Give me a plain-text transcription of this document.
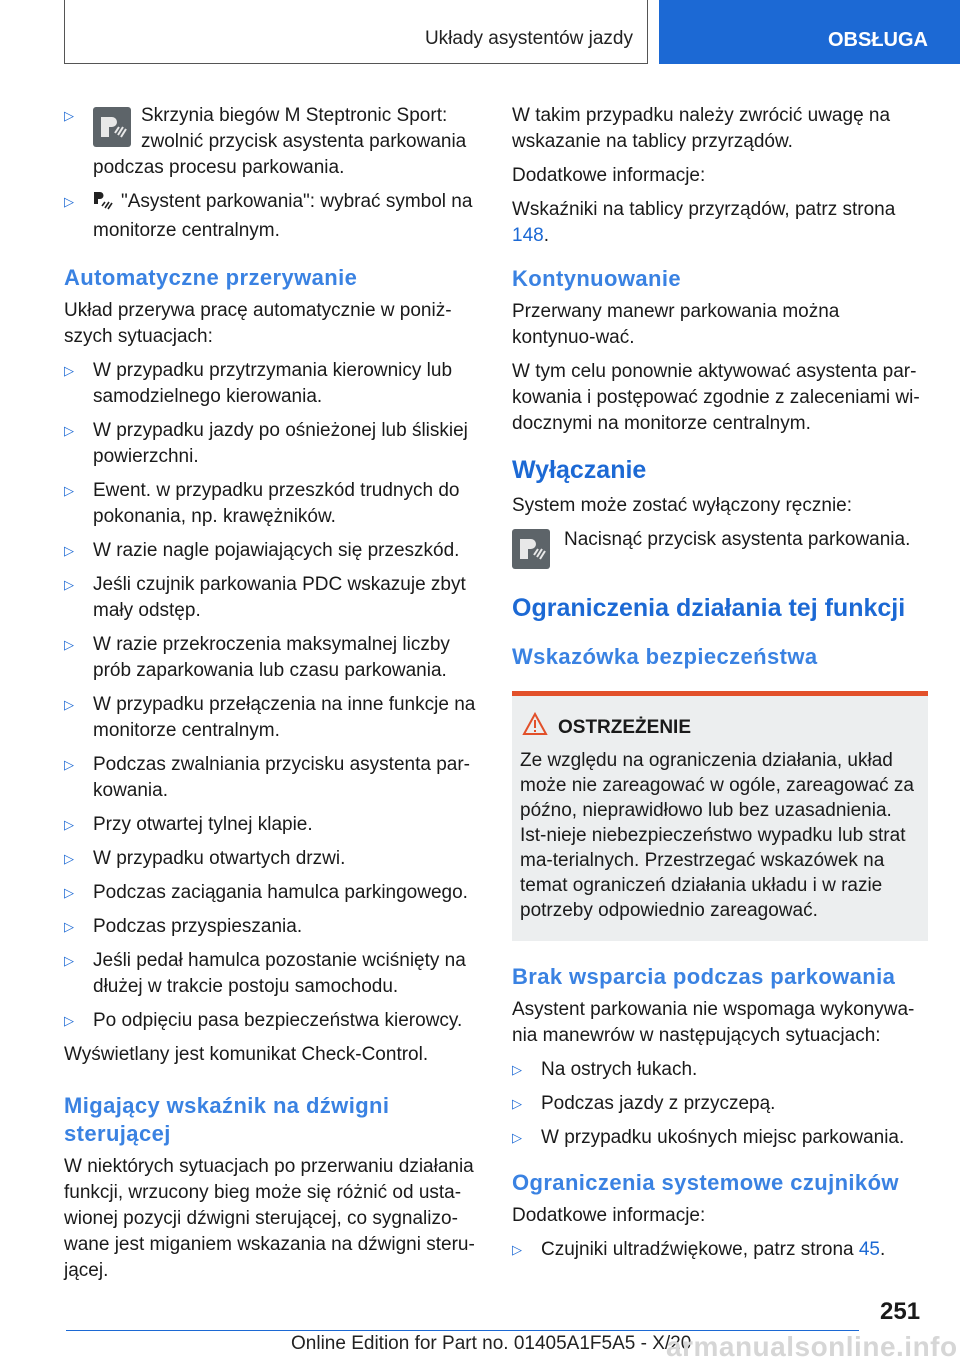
Układy asystentów jazdy	OBSŁUGA
▷	Skrzynia biegów M Steptronic Sport: zwolnić przycisk asystenta parkowania podczas procesu parkowania.
▷ "Asystent parkowania": wybrać symbol na monitorze centralnym.
Automatyczne przerywanie

Układ przerywa pracę automatycznie w poniż-szych sytuacjach:

▷ W przypadku przytrzymania kierownicy lub samodzielnego kierowania.
▷ W przypadku jazdy po ośnieżonej lub śliskiej powierzchni.
▷ Ewent. w przypadku przeszkód trudnych do pokonania, np. krawężników.
▷ W razie nagle pojawiających się przeszkód.
▷ Jeśli czujnik parkowania PDC wskazuje zbyt mały odstęp.
▷ W razie przekroczenia maksymalnej liczby prób zaparkowania lub czasu parkowania.
▷ W przypadku przełączenia na inne funkcje na monitorze centralnym.
▷ Podczas zwalniania przycisku asystenta par-kowania.
▷ Przy otwartej tylnej klapie.
▷ W przypadku otwartych drzwi.
▷ Podczas zaciągania hamulca parkingowego.
▷ Podczas przyspieszania.
▷ Jeśli pedał hamulca pozostanie wciśnięty na dłużej w trakcie postoju samochodu.
▷ Po odpięciu pasa bezpieczeństwa kierowcy.

Wyświetlany jest komunikat Check-Control.

Migający wskaźnik na dźwigni sterującej

W niektórych sytuacjach po przerwaniu działania funkcji, wrzucony bieg może się różnić od usta-wionej pozycji dźwigni sterującej, co sygnalizo-wane jest miganiem wskazania na dźwigni steru-jącej.

W takim przypadku należy zwrócić uwagę na wskazanie na tablicy przyrządów.

Dodatkowe informacje:

Wskaźniki na tablicy przyrządów, patrz strona 148.

Kontynuowanie

Przerwany manewr parkowania można kontynuo-wać.

W tym celu ponownie aktywować asystenta par-kowania i postępować zgodnie z zaleceniami wi-docznymi na monitorze centralnym.

Wyłączanie

System może zostać wyłączony ręcznie:

Nacisnąć przycisk asystenta parkowania.
Ograniczenia działania tej funkcji
Wskazówka bezpieczeństwa
OSTRZEŻENIE

Ze względu na ograniczenia działania, układ może nie zareagować w ogóle, zareagować za późno, nieprawidłowo lub bez uzasadnienia. Ist-nieje niebezpieczeństwo wypadku lub strat ma-terialnych. Przestrzegać wskazówek na temat ograniczeń działania układu i w razie potrzeby odpowiednio zareagować.

Brak wsparcia podczas parkowania

Asystent parkowania nie wspomaga wykonywa-nia manewrów w następujących sytuacjach:

▷ Na ostrych łukach.
▷ Podczas jazdy z przyczepą.
▷ W przypadku ukośnych miejsc parkowania.
Ograniczenia systemowe czujników

Dodatkowe informacje:

▷ Czujniki ultradźwiękowe, patrz strona 45.
251
Online Edition for Part no. 01405A1F5A5 - X/20
armanualsonline.info
